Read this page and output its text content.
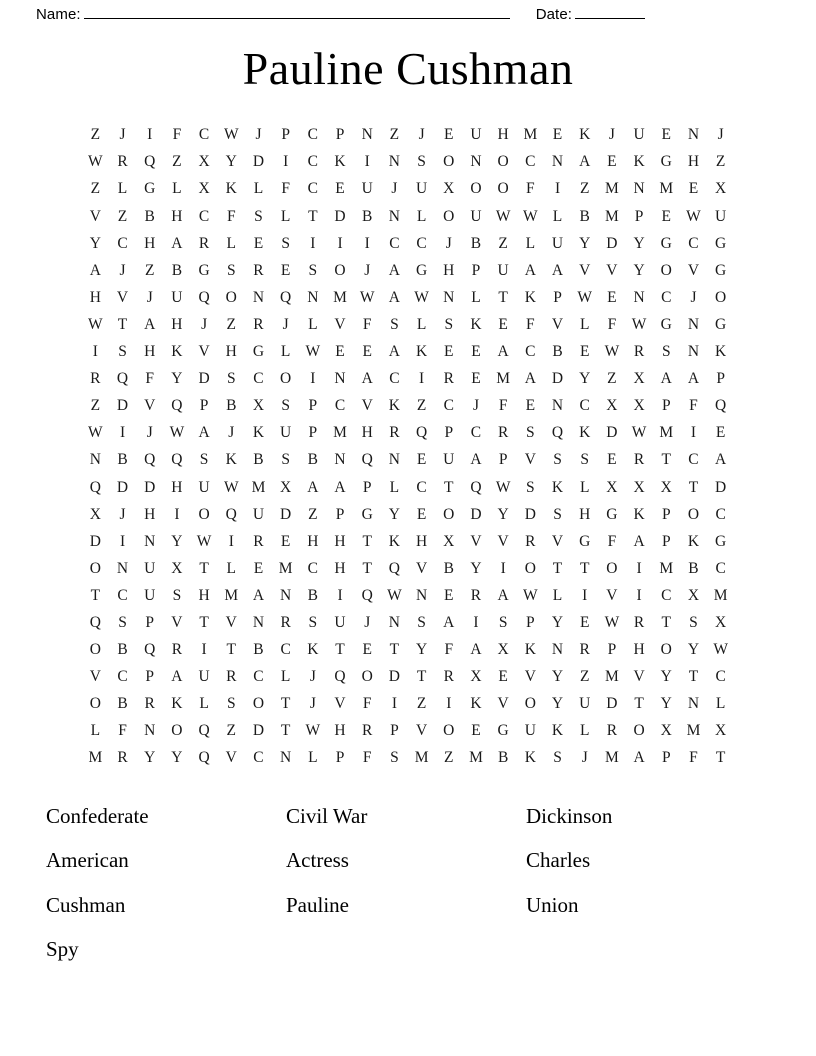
Name:	Date:
Pauline Cushman
Z	J	I	F	C W	J	P	C	P	N	Z	J	E	U	H M	E	K	J	U	E	N	J
W R	Q	Z	X	Y	D	I	C	K	I	N	S	O	N	O	C	N	A	E	K	G	H	Z
Z	L	G	L	X	K	L	F	C	E	U	J	U	X	O	O	F	I	Z	M N M	E	X
V	Z	B	H	C	F	S	L	T	D	B	N	L	O	U W W L	B M	P	E W U
Y	C	H	A	R	L	E	S	I	I	I	C	C	J	B	Z	L	U	Y	D	Y	G	C	G
A	J	Z	B	G	S	R	E	S	O	J	A	G	H	P	U	A	A	V	V	Y	O	V	G
H	V	J	U	Q	O	N	Q	N M W A W N	L	T	K	P	W E	N	C	J	O
W T	A	H	J	Z	R	J	L	V	F	S	L	S	K	E	F	V	L	F	W G	N	G
I	S	H	K	V	H	G	L W E	E	A	K	E	E	A	C	B	E W R	S	N	K
R	Q	F	Y	D	S	C	O	I	N	A	C	I	R	E	M A	D	Y	Z	X	A	A	P
Z	D	V	Q	P	B	X	S	P	C	V	K	Z	C	J	F	E	N	C	X	X	P	F	Q
W	I	J	W A	J	K	U	P	M H	R	Q	P	C	R	S	Q	K	D W M	I	E
N	B	Q	Q	S	K	B	S	B	N	Q	N	E	U	A	P	V	S	S	E	R	T	C	A
Q	D	D	H	U W M X	A	A	P	L	C	T	Q W	S	K	L	X	X	X	T	D
X	J	H	I	O	Q	U	D	Z	P	G	Y	E	O	D	Y	D	S	H	G	K	P	O	C
D	I	N	Y W	I	R	E	H	H	T	K	H	X	V	V	R	V	G	F	A	P	K	G
O	N	U	X	T	L	E	M C	H	T	Q	V	B	Y	I	O	T	T	O	I	M B	C
T	C	U	S	H M A	N	B	I	Q W N	E	R	A W L	I	V	I	C	X M
Q	S	P	V	T	V	N	R	S	U	J	N	S	A	I	S	P	Y	E W R	T	S	X
O	B	Q	R	I	T	B	C	K	T	E	T	Y	F	A	X	K	N	R	P	H	O	Y W
V	C	P	A	U	R	C	L	J	Q	O	D	T	R	X	E	V	Y	Z	M V	Y	T	C
O	B	R	K	L	S	O	T	J	V	F	I	Z	I	K	V	O	Y	U	D	T	Y	N	L
L	F	N	O	Q	Z	D	T W H	R	P	V	O	E	G	U	K	L	R	O	X M X
M R	Y	Y	Q	V	C	N	L	P	F	S	M	Z	M B	K	S	J	M A	P	F	T
Confederate	Civil War	Dickinson
American	Actress	Charles
Cushman	Pauline	Union
Spy
